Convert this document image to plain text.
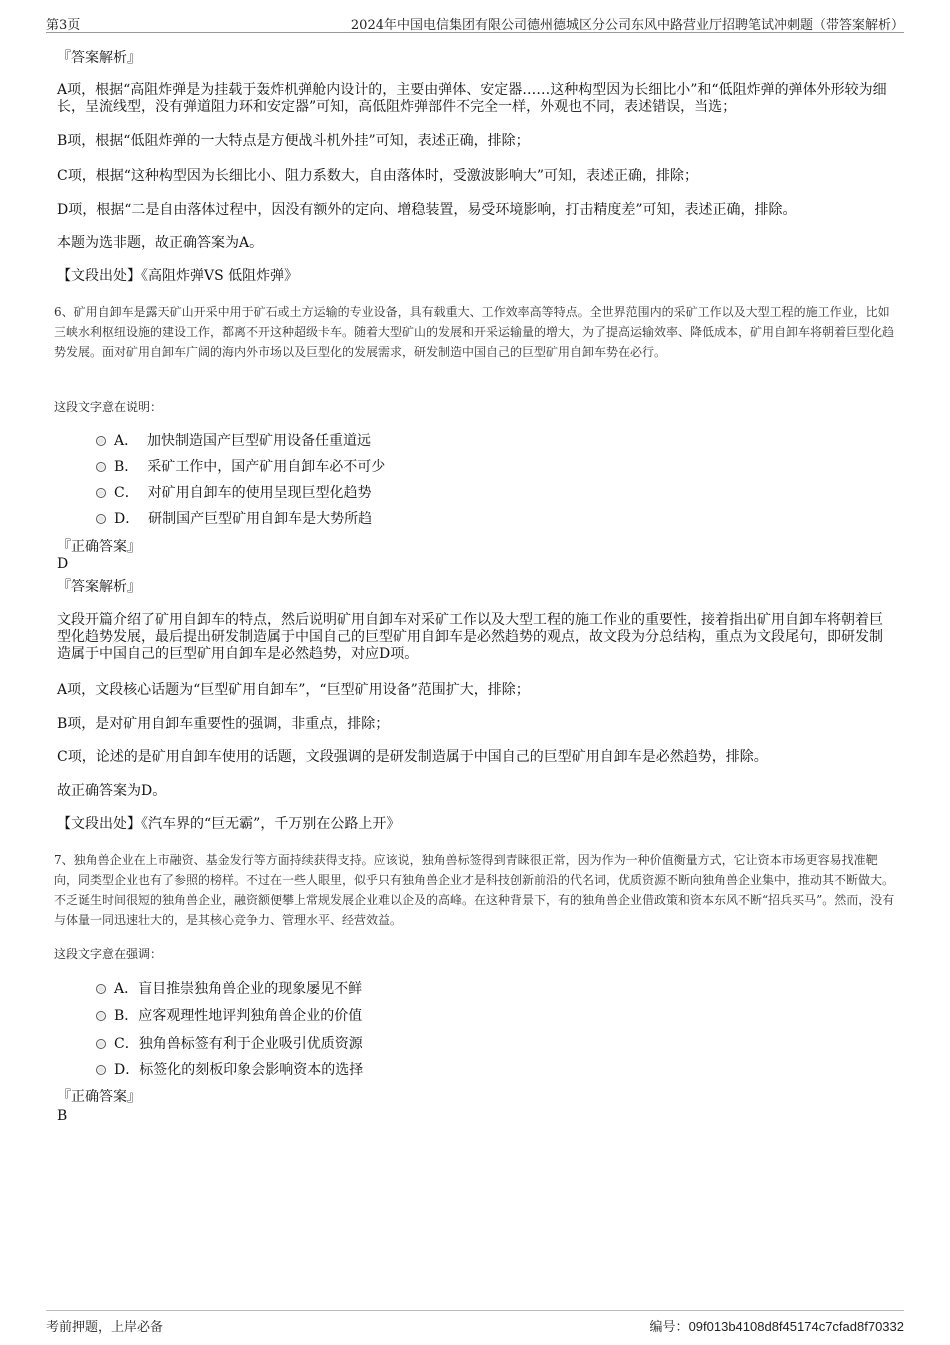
第3页	2024年中国电信集团有限公司德州德城区分公司东风中路营业厅招聘笔试冲刺题（带答案解析）
『答案解析』
A项，根据“高阻炸弹是为挂载于轰炸机弹舱内设计的，主要由弹体、安定器……这种构型因为长细比小”和“低阻炸弹的弹体外形较为细长，呈流线型，没有弹道阻力环和安定器”可知，高低阻炸弹部件不完全一样，外观也不同，表述错误，当选；
B项，根据“低阻炸弹的一大特点是方便战斗机外挂”可知，表述正确，排除；
C项，根据“这种构型因为长细比小、阻力系数大，自由落体时，受激波影响大”可知，表述正确，排除；
D项，根据“二是自由落体过程中，因没有额外的定向、增稳装置，易受环境影响，打击精度差”可知，表述正确，排除。
本题为选非题，故正确答案为A。
【文段出处】《高阻炸弹VS 低阻炸弹》
6、矿用自卸车是露天矿山开采中用于矿石或土方运输的专业设备，具有载重大、工作效率高等特点。全世界范围内的采矿工作以及大型工程的施工作业，比如三峡水利枢纽设施的建设工作，都离不开这种超级卡车。随着大型矿山的发展和开采运输量的增大，为了提高运输效率、降低成本，矿用自卸车将朝着巨型化趋势发展。面对矿用自卸车广阔的海内外市场以及巨型化的发展需求，研发制造中国自己的巨型矿用自卸车势在必行。
这段文字意在说明：
A． 加快制造国产巨型矿用设备任重道远
B． 采矿工作中，国产矿用自卸车必不可少
C． 对矿用自卸车的使用呈现巨型化趋势
D． 研制国产巨型矿用自卸车是大势所趋
『正确答案』
D
『答案解析』
文段开篇介绍了矿用自卸车的特点，然后说明矿用自卸车对采矿工作以及大型工程的施工作业的重要性，接着指出矿用自卸车将朝着巨型化趋势发展，最后提出研发制造属于中国自己的巨型矿用自卸车是必然趋势的观点，故文段为分总结构，重点为文段尾句，即研发制造属于中国自己的巨型矿用自卸车是必然趋势，对应D项。
A项，文段核心话题为“巨型矿用自卸车”，“巨型矿用设备”范围扩大，排除；
B项，是对矿用自卸车重要性的强调，非重点，排除；
C项，论述的是矿用自卸车使用的话题，文段强调的是研发制造属于中国自己的巨型矿用自卸车是必然趋势，排除。
故正确答案为D。
【文段出处】《汽车界的“巨无霸”，千万别在公路上开》
7、独角兽企业在上市融资、基金发行等方面持续获得支持。应该说，独角兽标签得到青睐很正常，因为作为一种价值衡量方式，它让资本市场更容易找准靶向，同类型企业也有了参照的榜样。不过在一些人眼里，似乎只有独角兽企业才是科技创新前沿的代名词，优质资源不断向独角兽企业集中，推动其不断做大。不乏诞生时间很短的独角兽企业，融资额便攀上常规发展企业难以企及的高峰。在这种背景下，有的独角兽企业借政策和资本东风不断“招兵买马”。然而，没有与体量一同迅速壮大的，是其核心竞争力、管理水平、经营效益。
这段文字意在强调：
A．盲目推崇独角兽企业的现象屡见不鲜
B．应客观理性地评判独角兽企业的价值
C．独角兽标签有利于企业吸引优质资源
D．标签化的刻板印象会影响资本的选择
『正确答案』
B
考前押题，上岸必备	编号：09f013b4108d8f45174c7cfad8f70332
